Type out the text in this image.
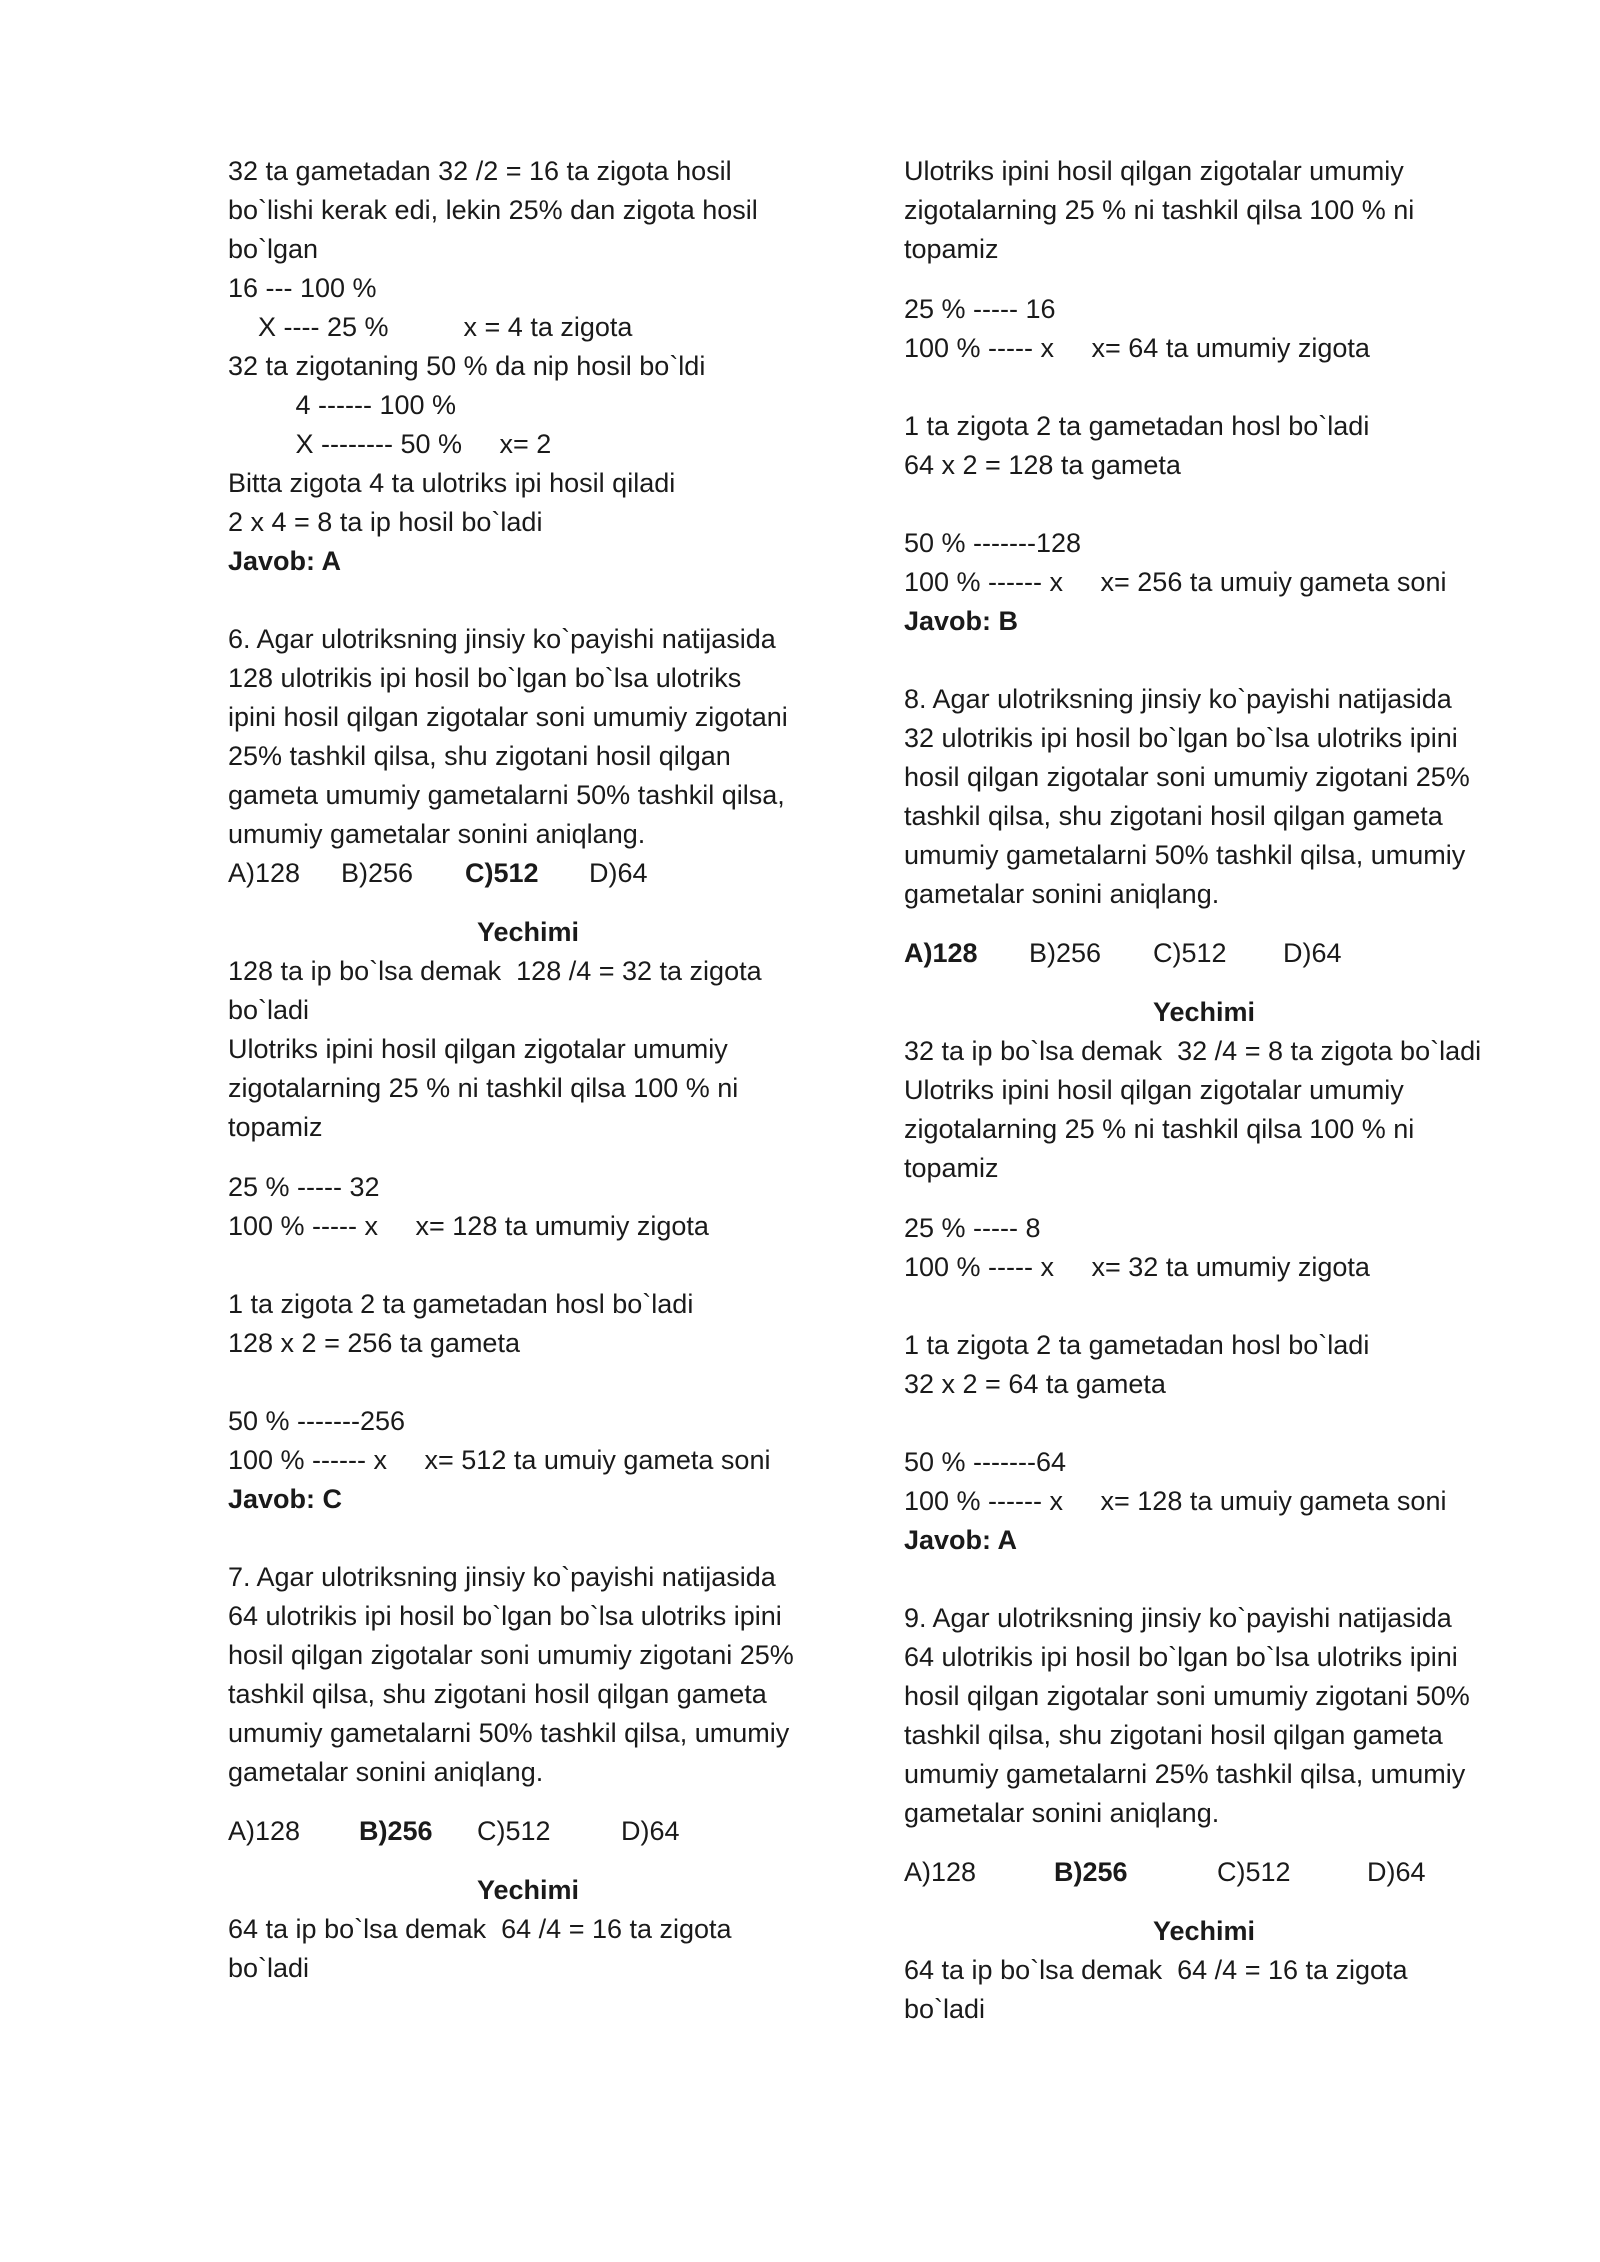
32 ta gametadan 32 /2 = 16 ta zigota hosil
bo`lishi kerak edi, lekin 25% dan zigota hosil
bo`lgan
16 --- 100 %
X ---- 25 %          x = 4 ta zigota
32 ta zigotaning 50 % da nip hosil bo`ldi
4 ------ 100 %
X -------- 50 %     x= 2
Bitta zigota 4 ta ulotriks ipi hosil qiladi
2 x 4 = 8 ta ip hosil bo`ladi
Javob: A
6. Agar ulotriksning jinsiy ko`payishi natijasida
128 ulotrikis ipi hosil bo`lgan bo`lsa ulotriks
ipini hosil qilgan zigotalar soni umumiy zigotani
25% tashkil qilsa, shu zigotani hosil qilgan
gameta umumiy gametalarni 50% tashkil qilsa,
umumiy gametalar sonini aniqlang.
A)128 B)256	C)512	D)64
Yechimi
128 ta ip bo`lsa demak  128 /4 = 32 ta zigota
bo`ladi
Ulotriks ipini hosil qilgan zigotalar umumiy
zigotalarning 25 % ni tashkil qilsa 100 % ni
topamiz
25 % ----- 32
100 % ----- x     x= 128 ta umumiy zigota
1 ta zigota 2 ta gametadan hosl bo`ladi
128 x 2 = 256 ta gameta
50 % -------256
100 % ------ x     x= 512 ta umuiy gameta soni
Javob: C
7. Agar ulotriksning jinsiy ko`payishi natijasida
64 ulotrikis ipi hosil bo`lgan bo`lsa ulotriks ipini
hosil qilgan zigotalar soni umumiy zigotani 25%
tashkil qilsa, shu zigotani hosil qilgan gameta
umumiy gametalarni 50% tashkil qilsa, umumiy
gametalar sonini aniqlang.
A)128	B)256	C)512	D)64
Yechimi
64 ta ip bo`lsa demak  64 /4 = 16 ta zigota
bo`ladi
Ulotriks ipini hosil qilgan zigotalar umumiy
zigotalarning 25 % ni tashkil qilsa 100 % ni
topamiz
25 % ----- 16
100 % ----- x     x= 64 ta umumiy zigota
1 ta zigota 2 ta gametadan hosl bo`ladi
64 x 2 = 128 ta gameta
50 % -------128
100 % ------ x     x= 256 ta umuiy gameta soni
Javob: B
8. Agar ulotriksning jinsiy ko`payishi natijasida
32 ulotrikis ipi hosil bo`lgan bo`lsa ulotriks ipini
hosil qilgan zigotalar soni umumiy zigotani 25%
tashkil qilsa, shu zigotani hosil qilgan gameta
umumiy gametalarni 50% tashkil qilsa, umumiy
gametalar sonini aniqlang.
A)128	B)256	C)512	D)64
Yechimi
32 ta ip bo`lsa demak  32 /4 = 8 ta zigota bo`ladi
Ulotriks ipini hosil qilgan zigotalar umumiy
zigotalarning 25 % ni tashkil qilsa 100 % ni
topamiz
25 % ----- 8
100 % ----- x     x= 32 ta umumiy zigota
1 ta zigota 2 ta gametadan hosl bo`ladi
32 x 2 = 64 ta gameta
50 % -------64
100 % ------ x     x= 128 ta umuiy gameta soni
Javob: A
9. Agar ulotriksning jinsiy ko`payishi natijasida
64 ulotrikis ipi hosil bo`lgan bo`lsa ulotriks ipini
hosil qilgan zigotalar soni umumiy zigotani 50%
tashkil qilsa, shu zigotani hosil qilgan gameta
umumiy gametalarni 25% tashkil qilsa, umumiy
gametalar sonini aniqlang.
A)128	B)256	C)512	D)64
Yechimi
64 ta ip bo`lsa demak  64 /4 = 16 ta zigota
bo`ladi
